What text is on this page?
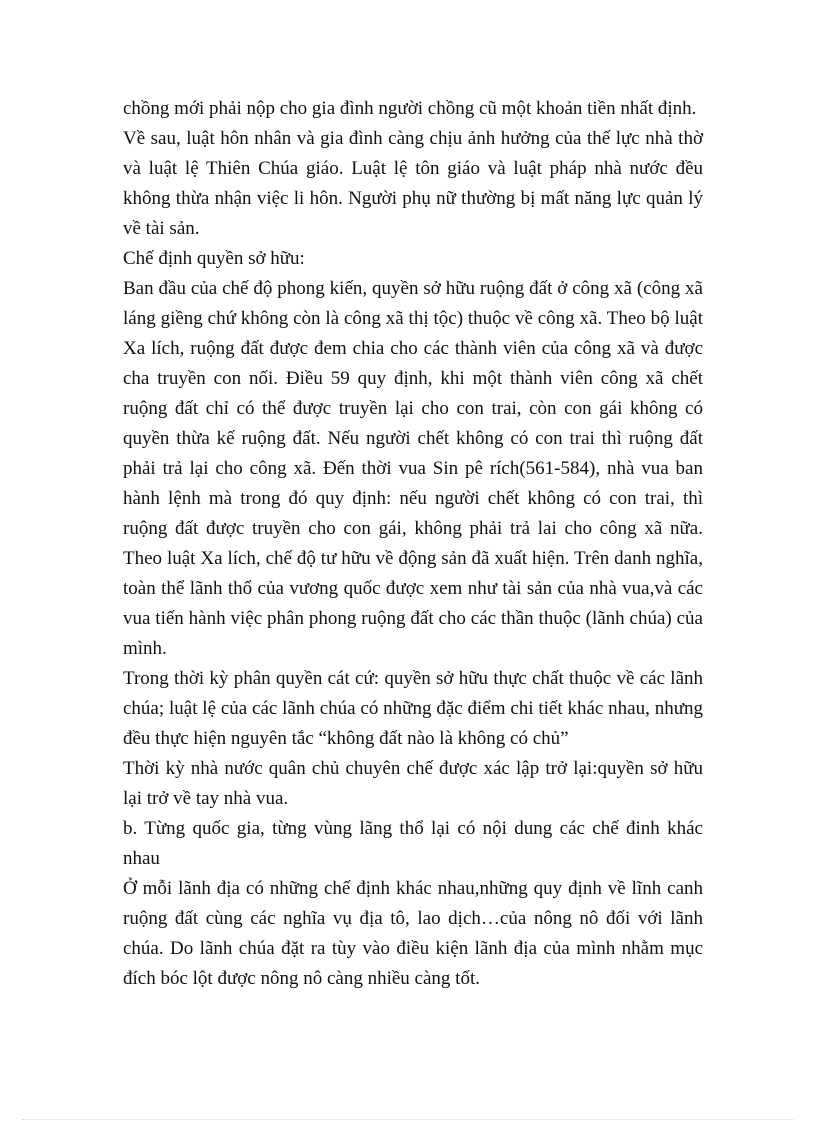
chồng mới phải nộp cho gia đình người chồng cũ một khoản tiền nhất định.

Về sau, luật hôn nhân và gia đình càng chịu ảnh hưởng của thế lực nhà thờ và luật lệ Thiên Chúa giáo. Luật lệ tôn giáo và luật pháp nhà nước đều không thừa nhận việc li hôn. Người phụ nữ thường bị mất năng lực quản lý về tài sản.

Chế định quyền sở hữu:

Ban đầu của chế độ phong kiến, quyền sở hữu ruộng đất ở công xã (công xã láng giềng chứ không còn là công xã thị tộc) thuộc về công xã. Theo bộ luật Xa lích, ruộng đất được đem chia cho các thành viên của công xã và được cha truyền con nối. Điều 59 quy định, khi một thành viên công xã chết ruộng đất chỉ có thể được truyền lại cho con trai, còn con gái không có quyền thừa kế ruộng đất. Nếu người chết không có con trai thì ruộng đất phải trả lại cho công xã. Đến thời vua Sin pê rích(561-584), nhà vua ban hành lệnh mà trong đó quy định: nếu người chết không có con trai, thì ruộng đất được truyền cho con gái, không phải trả lai cho công xã nữa. Theo luật Xa lích, chế độ tư hữu về động sản đã xuất hiện. Trên danh nghĩa, toàn thể lãnh thổ của vương quốc được xem như tài sản của nhà vua,và các vua tiến hành việc phân phong ruộng đất cho các thần thuộc (lãnh chúa) của mình.

Trong thời kỳ phân quyền cát cứ: quyền sở hữu thực chất thuộc về các lãnh chúa; luật lệ của các lãnh chúa có những đặc điểm chi tiết khác nhau, nhưng đều thực hiện nguyên tắc “không đất nào là không có chủ”

Thời kỳ nhà nước quân chủ chuyên chế được xác lập trở lại:quyền sở hữu lại trở về tay nhà vua.

b. Từng quốc gia, từng vùng lãng thổ lại có nội dung các chế đinh khác nhau

Ở mỗi lãnh địa có những chế định khác nhau,những quy định về lĩnh canh ruộng đất cùng các nghĩa vụ địa tô, lao dịch…của nông nô đối với lãnh chúa. Do lãnh chúa đặt ra tùy vào điều kiện lãnh địa của mình nhằm mục đích bóc lột được nông nô càng nhiều càng tốt.
